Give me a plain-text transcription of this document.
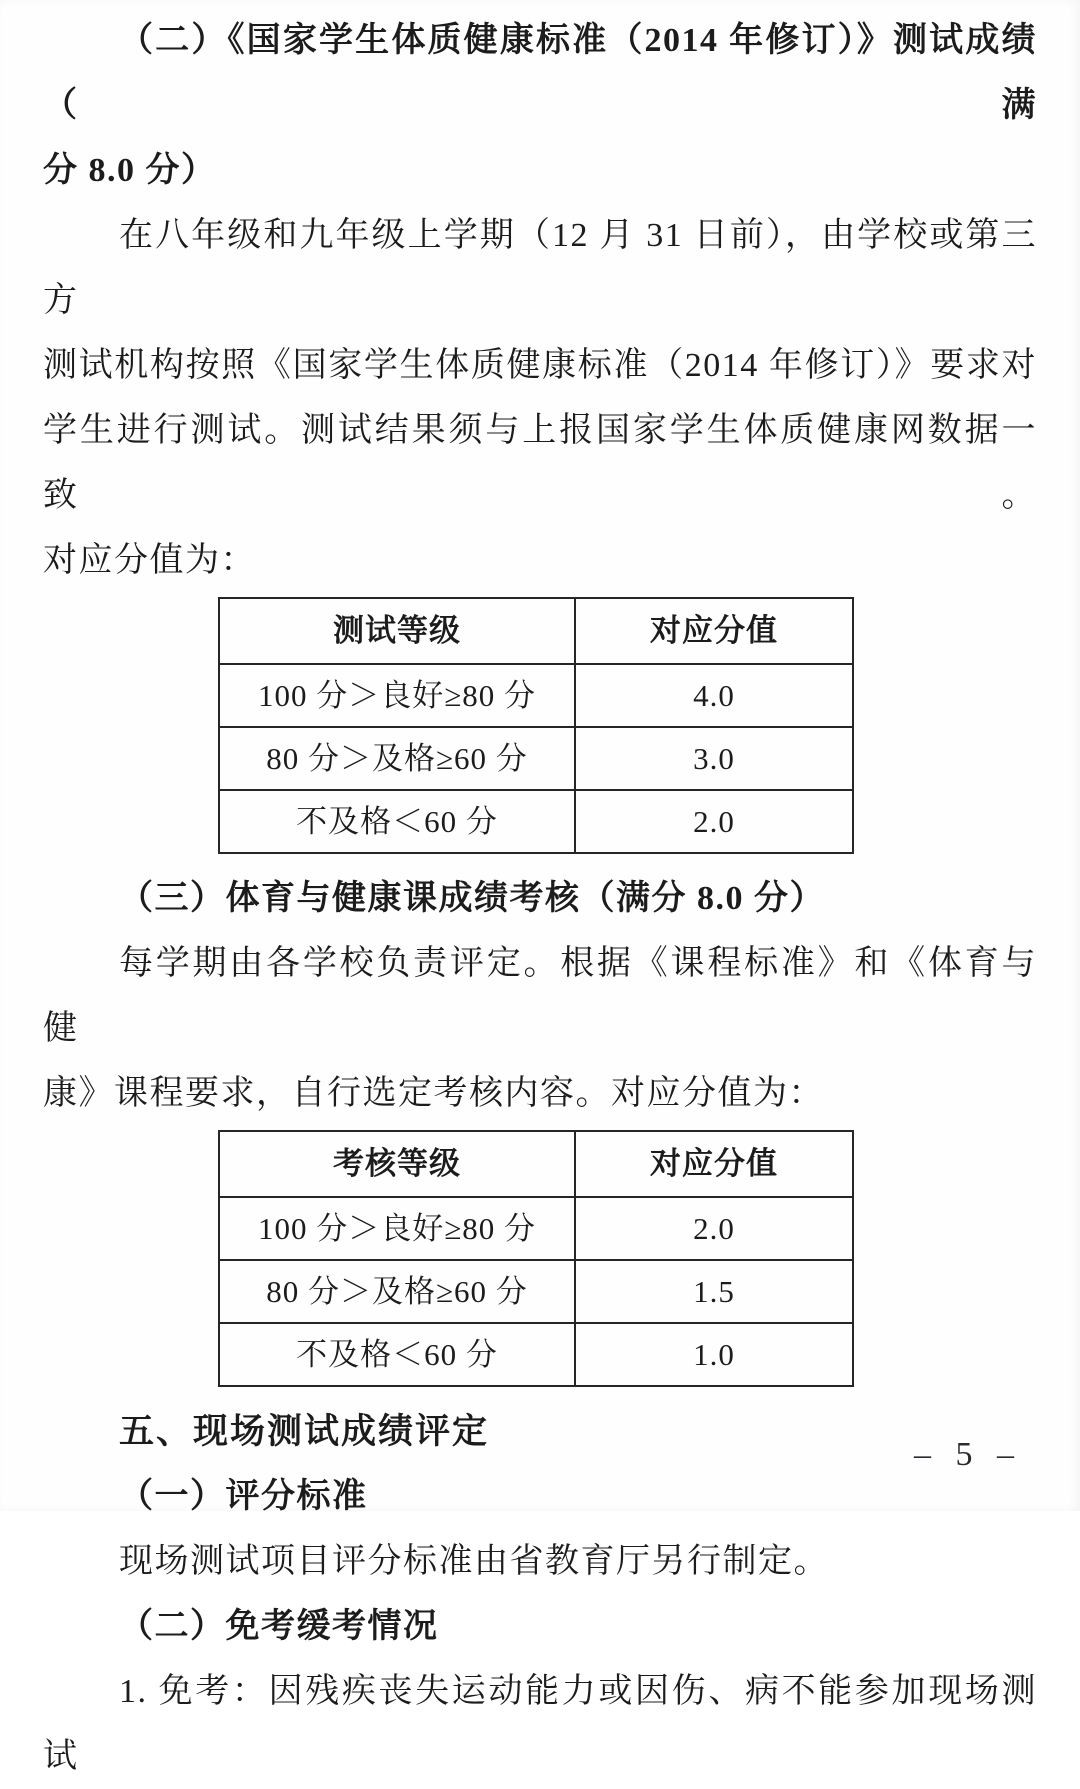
（二）《国家学生体质健康标准（2014 年修订）》测试成绩（满
分 8.0 分）
在八年级和九年级上学期（12 月 31 日前），由学校或第三方
测试机构按照《国家学生体质健康标准（2014 年修订）》要求对
学生进行测试。测试结果须与上报国家学生体质健康网数据一致。
对应分值为：
测试等级	对应分值
100 分＞良好≥80 分	4.0
80 分＞及格≥60 分	3.0
不及格＜60 分	2.0
（三）体育与健康课成绩考核（满分 8.0 分）
每学期由各学校负责评定。根据《课程标准》和《体育与健
康》课程要求，自行选定考核内容。对应分值为：
考核等级	对应分值
100 分＞良好≥80 分	2.0
80 分＞及格≥60 分	1.5
不及格＜60 分	1.0
五、现场测试成绩评定
（一）评分标准
现场测试项目评分标准由省教育厅另行制定。
（二）免考缓考情况
1. 免考：因残疾丧失运动能力或因伤、病不能参加现场测试
– 5 –
